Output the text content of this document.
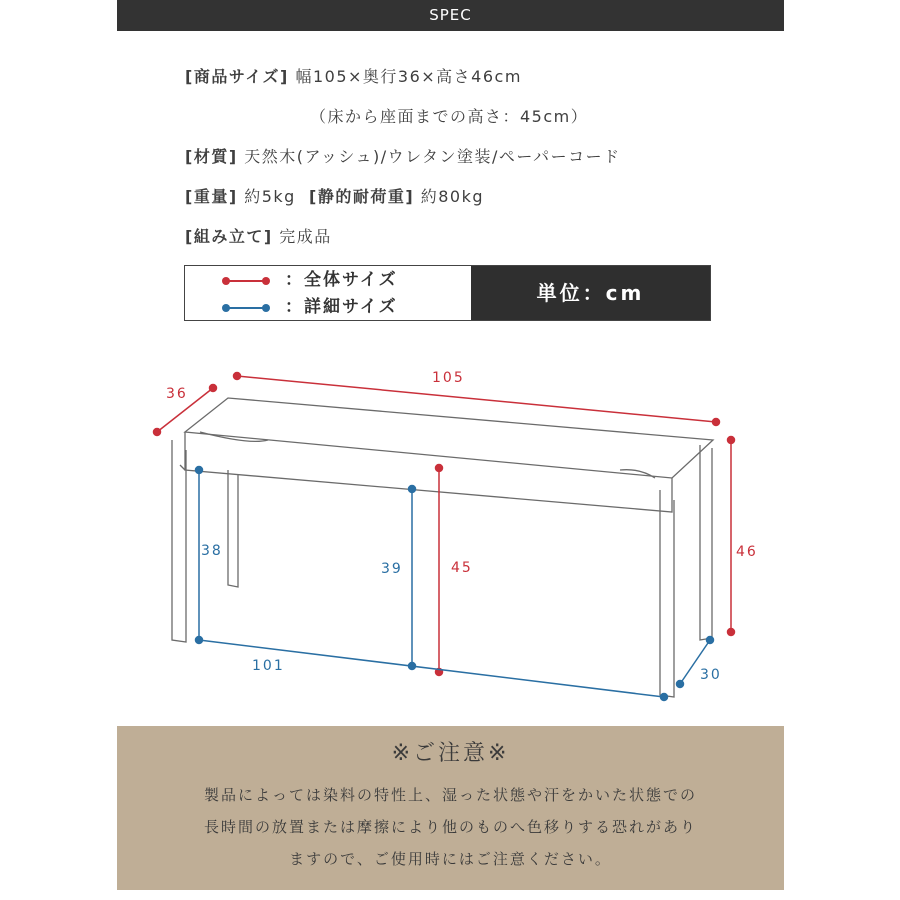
SPEC
[商品サイズ] 幅105×奥行36×高さ46cm
（床から座面までの高さ：45cm）
[材質] 天然木(アッシュ)/ウレタン塗装/ペーパーコード
[重量] 約5kg [静的耐荷重] 約80kg
[組み立て] 完成品
：全体サイズ
：詳細サイズ
単位：cm
36
105
46
45
38
39
101
30
※ご注意※
製品によっては染料の特性上、湿った状態や汗をかいた状態での
長時間の放置または摩擦により他のものへ色移りする恐れがあり
ますので、ご使用時にはご注意ください。
